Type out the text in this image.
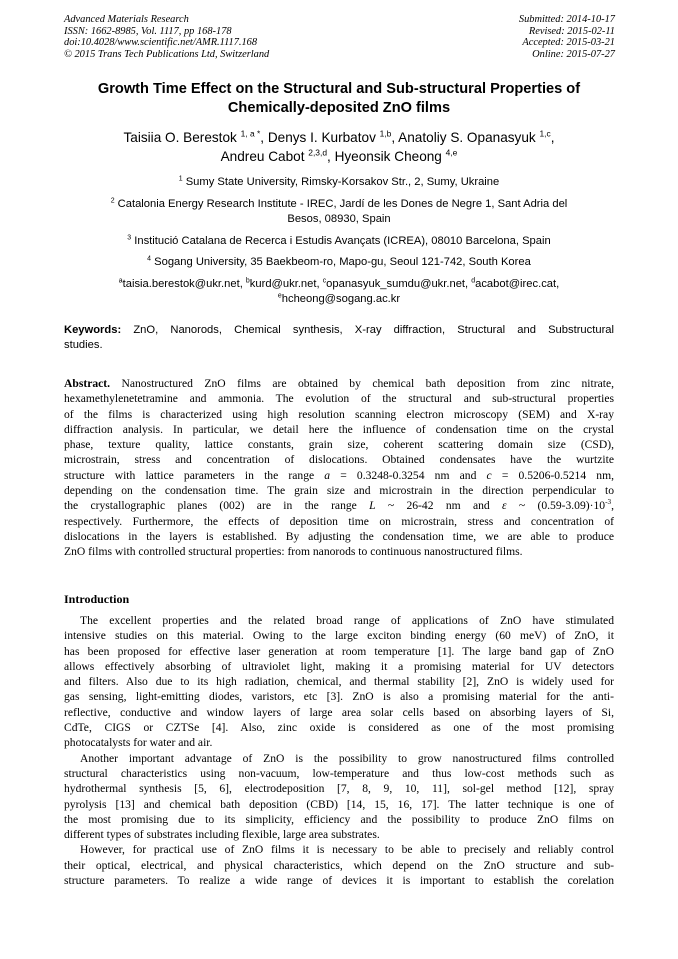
Advanced Materials Research
ISSN: 1662-8985, Vol. 1117, pp 168-178
doi:10.4028/www.scientific.net/AMR.1117.168
© 2015 Trans Tech Publications Ltd, Switzerland
Submitted: 2014-10-17
Revised: 2015-02-11
Accepted: 2015-03-21
Online: 2015-07-27
Growth Time Effect on the Structural and Sub-structural Properties of
Chemically-deposited ZnO films
Taisiia O. Berestok $^{1, a *}$, Denys I. Kurbatov $^{1,b}$, Anatoliy S. Opanasyuk $^{1,c}$,
Andreu Cabot $^{2,3,d}$, Hyeonsik Cheong $^{4,e}$
$^1$ Sumy State University, Rimsky-Korsakov Str., 2, Sumy, Ukraine
$^2$ Catalonia Energy Research Institute - IREC, Jardí de les Dones de Negre 1, Sant Adria del
Besos, 08930, Spain
$^3$ Institució Catalana de Recerca i Estudis Avançats (ICREA), 08010 Barcelona, Spain
$^4$ Sogang University, 35 Baekbeom-ro, Mapo-gu, Seoul 121-742, South Korea
$^a$taisia.berestok@ukr.net, $^b$kurd@ukr.net, $^c$opanasyuk_sumdu@ukr.net, $^d$acabot@irec.cat,
$^e$hcheong@sogang.ac.kr
Keywords: ZnO, Nanorods, Chemical synthesis, X-ray diffraction, Structural and Substructural
studies.
Abstract. Nanostructured ZnO films are obtained by chemical bath deposition from zinc nitrate,
hexamethylenetetramine and ammonia. The evolution of the structural and sub-structural properties
of the films is characterized using high resolution scanning electron microscopy (SEM) and X-ray
diffraction analysis. In particular, we detail here the influence of condensation time on the crystal
phase, texture quality, lattice constants, grain size, coherent scattering domain size (CSD),
microstrain, stress and concentration of dislocations. Obtained condensates have the wurtzite
structure with lattice parameters in the range a = 0.3248-0.3254 nm and c = 0.5206-0.5214 nm,
depending on the condensation time. The grain size and microstrain in the direction perpendicular to
the crystallographic planes (002) are in the range L ~ 26-42 nm and ε ~ $(0.59-3.09)\cdot 10^{-3}$,
respectively. Furthermore, the effects of deposition time on microstrain, stress and concentration of
dislocations in the layers is established. By adjusting the condensation time, we are able to produce
ZnO films with controlled structural properties: from nanorods to continuous nanostructured films.
Introduction
The excellent properties and the related broad range of applications of ZnO have stimulated
intensive studies on this material. Owing to the large exciton binding energy (60 meV) of ZnO, it
has been proposed for effective laser generation at room temperature [1]. The large band gap of ZnO
allows effectively absorbing of ultraviolet light, making it a promising material for UV detectors
and filters. Also due to its high radiation, chemical, and thermal stability [2], ZnO is widely used for
gas sensing, light-emitting diodes, varistors, etc [3]. ZnO is also a promising material for the anti-
reflective, conductive and window layers of large area solar cells based on absorbing layers of Si,
CdTe, CIGS or CZTSe [4]. Also, zinc oxide is considered as one of the most promising
photocatalysts for water and air.
Another important advantage of ZnO is the possibility to grow nanostructured films controlled
structural characteristics using non-vacuum, low-temperature and thus low-cost methods such as
hydrothermal synthesis [5, 6], electrodeposition [7, 8, 9, 10, 11], sol-gel method [12], spray
pyrolysis [13] and chemical bath deposition (CBD) [14, 15, 16, 17]. The latter technique is one of
the most promising due to its simplicity, efficiency and the possibility to produce ZnO films on
different types of substrates including flexible, large area substrates.
However, for practical use of ZnO films it is necessary to be able to precisely and reliably control
their optical, electrical, and physical characteristics, which depend on the ZnO structure and sub-
structure parameters. To realize a wide range of devices it is important to establish the corelation
